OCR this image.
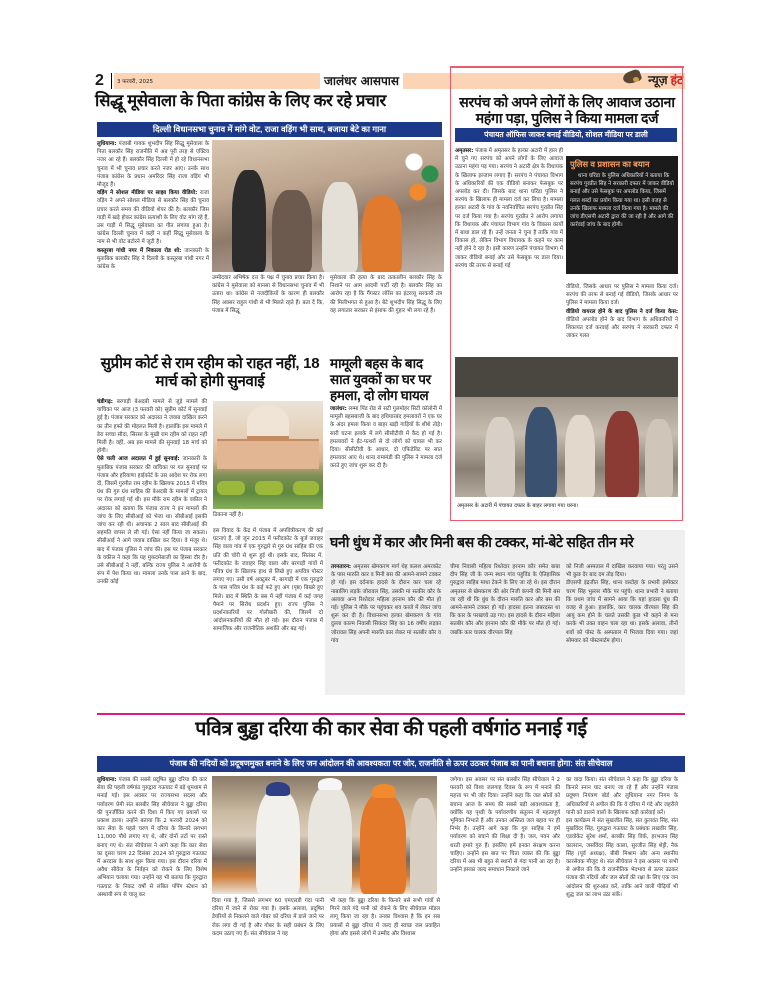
2	3 फरवरी, 2025	जालंधर आसपास	न्यूज़ हंट
सिद्धू मूसेवाला के पिता कांग्रेस के लिए कर रहे प्रचार
दिल्ली विधानसभा चुनाव में मांगे वोट, राजा वड़िंग भी साथ, बजाया बेटे का गाना
लुधियाना: पंजाबी गायक शुभदीप सिंह सिद्धू मूसेवाला के पिता बलकौर सिंह राजनीति में अब पूरी तरह से एक्टिव नजर आ रहे हैं। बलकौर सिंह दिल्ली में हो रहे विधानसभा चुनाव में भी चुनाव प्रचार करते नजर आए। उनके साथ पंजाब कांग्रेस के प्रधान अमरिंदर सिंह राजा वड़िंग भी मौजूद हैं।
वड़िंग ने सोशल मीडिया पर साझा किया वीडियो: राजा वड़िंग ने अपने सोशल मीडिया से बलकौर सिंह की चुनाव प्रचार करते समय की वीडियो शेयर की है। बलकौर जिस गाड़ी में खड़े होकर कांग्रेस प्रत्याशी के लिए वोट मांग रहे हैं, उस गाड़ी में सिद्धू मूसेवाला का गीत लगाया हुआ है। कांग्रेस दिल्ली चुनाव में कहीं न कहीं सिद्धू मूसेवाला के नाम से भी वोट बटोरने में जुटी है।
कस्तूरबा गांधी नगर में निकाला रोड शो: जानकारी के मुताबिक बलकौर सिंह ने दिल्ली के कस्तूरबा गांधी नगर में कांग्रेस के
उम्मीदवार अभिषेक दत्त के पक्ष में चुनाव प्रचार किया है। कांग्रेस ने मूसेवाला को मानसा से विधानसभा चुनाव में भी उतारा था। कांग्रेस से नजदीकियों के कारण ही बलकौर सिंह अक्सर राहुल गांधी से भी मिलते रहते हैं। बता दें कि, पंजाब में सिद्धू
मूसेवाला की हत्या के बाद तत्कालीन बलकौर सिंह के निशाने पर आम आदमी पार्टी रही है। बलकौर सिंह का आरोप रहा है कि गैंगस्टर लॉरेंस का इंटरव्यू सरकारी तंत्र की मिलीभगत से हुआ है। बेटे शुभदीप सिंह सिद्धू के लिए वह लगातार सरकार से इंसाफ की गुहार भी लगा रहे हैं।
सरपंच को अपने लोगों के लिए आवाज उठाना महंगा पड़ा, पुलिस ने किया मामला दर्ज
पंचायत ऑफिस जाकर बनाई वीडियो, सोशल मीडिया पर डाली
अमृतसर: पंजाब में अमृतसर के हल्का अटारी में हाल ही में चुने गए सरपंच को अपने लोगों के लिए आवाज उठाना महंगा पड़ गया। सरपंच ने अटारी क्षेत्र के विधायक के खिलाफ इल्जाम लगाए हैं। सरपंच ने पंचायत विभाग के अधिकारियों की एक वीडियो बनाकर फेसबुक पर अपलोड कर दी। जिसके बाद थाना घरिंडा पुलिस ने सरपंच के खिलाफ ही मामला दर्ज कर लिया है। मामला हल्का अटारी के गांव के नवनिर्वाचित सरपंच गुरप्रीत सिंह पर दर्ज किया गया है। सरपंच गुरप्रीत ने आरोप लगाया कि विधायक और पंचायत विभाग गांव के विकास कार्यों में बाधा डाल रहे हैं। उन्हें जनता ने चुना है ताकि गांव में विकास हो, लेकिन विभाग विधायक के कहने पर काम नहीं होने दे रहा है। इसी कारण उन्होंने पंचायत विभाग में जाकर वीडियो बनाई और उसे फेसबुक पर डाल दिया। सरपंच की तरफ से बनाई गई
पुलिस व प्रशासन का बयान
थाना घरिंडा के पुलिस अधिकारियों ने बताया कि सरपंच गुरप्रीत सिंह ने सरकारी दफ्तर में जाकर वीडियो बनाई और उसे फेसबुक पर अपलोड किया, जिसमें गलत शब्दों का प्रयोग किया गया था। इसी वजह से उनके खिलाफ मामला दर्ज किया गया है। मामले की जांच डीएसपी अटारी द्वारा की जा रही है और आगे की कार्रवाई जांच के बाद होगी।
वीडियो, जिसके आधार पर पुलिस ने मामला किया दर्ज। सरपंच की तरफ से बनाई गई वीडियो, जिसके आधार पर पुलिस ने मामला किया दर्ज।
वीडियो वायरल होने के बाद पुलिस ने दर्ज किया केस: वीडियो अपलोड होने के बाद विभाग के अधिकारियों ने शिकायत दर्ज करवाई और सरपंच ने सरकारी दफ्तर में जाकर गलत
अमृतसर के अटारी में पंचायत दफ्तर के बाहर लगाया गया धरना।
सुप्रीम कोर्ट से राम रहीम को राहत नहीं, 18 मार्च को होगी सुनवाई
चंडीगढ़: बरगाड़ी बेअदबी मामले से जुड़े मामले की याचिका पर आज (3 फरवरी को) सुप्रीम कोर्ट में सुनवाई हुई है। पंजाब सरकार को अदालत ने जवाब दाखिल करने का तीन हफ्ते की मोहलत मिली है। हालांकि इस मामले में डेरा सच्चा सौदा, सिरसा के मुखी राम रहीम को राहत नहीं मिली है। वहीं, अब इस मामले की सुनवाई 18 मार्च को होगी।
ऐसे चली आज अदालत में हुई सुनवाई: जानकारी के मुताबिक पंजाब सरकार की याचिका पर गत सुनवाई पर पंजाब और हरियाणा हाईकोर्ट के उस आदेश पर रोक लगा दी, जिसमें गुरमीत राम रहीम के खिलाफ 2015 में पवित्र ग्रंथ की गुरु ग्रंथ साहिब की बेअदबी के मामलों में ट्रायल पर रोक लगाई गई थी। इस मौके राम रहीम के वकील ने अदालत को बताया कि पंजाब राज्य ने इन मामलों की जांच के लिए सीबीआई को भेजा था। सीबीआई इसकी जांच कर रही थी। अचानक 2 साल बाद सीबीआई की सहमति वापस ले ली गई। ऐसा नहीं किया जा सकता। सीबीआई ने आगे जवाब दाखिल कर दिया। वे मंजूर थे। बाद में पंजाब पुलिस ने जांच की। इस पर पंजाब सरकार के वकील ने कहा कि यह मुकदमेबाजी का हिस्सा दौर है। उसे सीबीआई ने नहीं, बल्कि राज्य पुलिस ने आरोपी के रूप में पेश किया था। मामला उनके पास आने के बाद, उनकी कोई
ठिकाना नहीं है।
इस विवाद के केंद्र में पंजाब में अपवित्रीकरण की कई घटनाएं हैं, जो जून 2015 में फरीदकोट के बुर्ज जवाहर सिंह वाला गांव में एक गुरुद्वारे से गुरु ग्रंथ साहिब की एक प्रति की चोरी से शुरू हुई थी। इसके बाद, सितंबर में, फरीदकोट के जवाहर सिंह वाला और बरगाड़ी गांवों में पवित्र ग्रंथ के खिलाफ हाथ से लिखे हुए अपवित्र पोस्टर लगाए गए। उसी वर्ष अक्टूबर में, बरगाड़ी में एक गुरुद्वारे के पास पवित्र ग्रंथ के कई फटे हुए अंग (पृष्ठ) बिखरे हुए मिले। बाद में स्थिति के बस में नहीं पंजाब में कई जगह पैमाने पर सिरोध प्रदर्शन हुए। राज्य पुलिस ने प्रदर्शनकारियों पर गोलीबारी की, जिसमें दो आंदोलनकारियों की मौत हो गई। इस दौरान पंजाब में सामाजिक और राजनीतिक अशांति और बढ़ गई।
मामूली बहस के बाद सात युवकों का घर पर हमला, दो लोग घायल
जालंधर: लम्मा पिंड रोड से सटी गुलमोहर सिटी कॉलोनी में मामूली बहसबाजी के बाद हथियारबंद हमलावरों ने एक घर के अंदर हमला किया व बाहर खड़ी गाड़ियों के शीशे तोड़े। सारी घटना इलाके में लगे सीसीटीवी में कैद हो गई है। हमलावरों ने ईंट-पत्थरों से दो लोगों को घायल भी कर दिया। सीसीटीवी के आधार, दो एफिडेविट पर सात हमलावर आए थे। थाना रामामंडी की पुलिस ने मामला दर्ज करते हुए जांच शुरू कर दी है।
घनी धुंध में कार और मिनी बस की टक्कर, मां-बेटे सहित तीन मरे
तरनतारन: अमृतसर खेमकरण मार्ग थेह कलश अमरकोट के पास मारुति कार व मिनी बस की आमने-सामने टक्कर हो गई। इस दर्दनाक हादसे के दौरान कार चला रहे नाबालिग लड़के जोरावल सिंह, उसकी मां सत्कीर कौर के अलावा अन्य रिश्तेदार महिला हरनाम कौर की मौत हो गई। पुलिस ने मौके पर पहुंचकर शव कब्जे में लेकर जांच शुरू कर दी है। विधानसभा हल्का खेमकरण के गांव दुल्ला काल्म निवासी सिकंदर सिंह का 16 वर्षीय लड़का जोरावल सिंह अपनी मारुति कार लेकर मां सतबीर कौर व गांव
चीमा निवासी महिला रिश्तेदार हरनाम कौर समेत बाबा दीप सिंह जी के जन्म स्थान गांव पहुविंड के ऐतिहासिक गुरुद्वारा साहिब माथा टेकने के लिए जा रहे थे। इस दौरान अमृतसर से खेमकरण की ओर निजी कंपनी की मिनी बस जा रही थी कि धुंध के दौरान मारुति कार और बस की आमने-सामने टक्कर हो गई। हादसा इतना जबरदस्त था कि कार के परखच्चे उड़ गए। इस हादसे के दौरान महिला सतबीर कौर और हरनाम कौर की मौके पर मौत हो गई। जबकि कार चालक वीरपाल सिंह
को निजी अस्पताल में दाखिल करवाया गया। परंतु उसने भी कुछ देर बाद दम तोड़ दिया।
डीएसपी इंद्रजीत सिंह, थाना वल्टोहा के प्रभारी इंस्पेक्टर चरण सिंह भुल्लर मौके पर पहुंचे। थाना प्रभारी ने बताया कि प्रथम जांच में सामने आया कि यहां हादसा धुंध की वजह से हुआ। हालांकि, कार चालक वीरपाल सिंह की आयु कम होने के चलते उसकी कुछ भी कहने से मना करके भी उक्त वाहन चला रहा था। इसके अलावा, तीनों शवों को पोस्ट के अस्पताल में भिजवा दिया गया। जहां सोमवार को पोस्टमार्टम होगा।
पवित्र बुड्ढा दरिया की कार सेवा की पहली वर्षगांठ मनाई गई
पंजाब की नदियों को प्रदूषणमुक्त बनाने के लिए जन आंदोलन की आवश्यकता पर जोर, राजनीति से ऊपर उठकर पंजाब का पानी बचाना होगा: संत सीचेवाल
लुधियाना: पंजाब की सबसे प्रदूषित बुड्ढा दरिया की कार सेवा की पहली वर्षगांठ गुरुद्वारा गऊघाट में बड़े धूमधाम से मनाई गई। इस अवसर पर राज्यसभा सदस्य और पर्यावरण प्रेमी संत बलबीर सिंह सीचेवाल ने बुड्ढा दरिया की पुनर्जीवित करने की दिशा में किए गए प्रयासों पर प्रकाश डाला। उन्होंने बताया कि 2 फरवरी 2024 को कार सेवा के पहले चरण में दरिया के किनारे लगभग 11,000 पौधे लगाए गए थे, और दोनों तटों पर रास्ते बनाए गए थे। संत सीचेवाल ने आगे कहा कि कार सेवा का दूसरा चरण 22 दिसंबर 2024 को गुरुद्वारा गऊघाट में अरदास के साथ शुरू किया गया। इस दौरान दरिया में अवैध सीवेज के निर्वहन को रोकने के लिए विशेष अभियान चलाया गया। उन्होंने यह भी बताया कि गुरुद्वारा गऊघाट के निकट वर्षों से लंबित पंपिंग स्टेशन को अस्थायी रूप से चालू कर
दिया गया है, जिससे लगभग 60 एमएलडी गंदा पानी दरिया में जाने से रोका गया है। इसके अलावा, प्रदूषित डेयरियों से निकलने वाले गोबर को दरिया में डाले जाने पर रोक लगा दी गई है और गोबर के सही प्रबंधन के लिए कदम उठाए गए हैं। संत सीचेवाल ने यह
भी कहा कि बुड्ढा दरिया के किनारे बसे सभी गांवों से गिरने वाले गंदे पानी को रोकने के लिए सीचेवाल मॉडल लागू किया जा रहा है। उनका विश्वास है कि इन सब प्रयासों से बुड्ढा दरिया में जल्द ही स्वच्छ जल प्रवाहित होगा और इससे लोगों में उम्मीद और विश्वास
जगेगा। इस अवसर पर संत बलबीर सिंह सीचेवाल ने 2 फरवरी को विश्व जलगाह दिवस के रूप में मनाने की महत्ता पर भी जोर दिया। उन्होंने कहा कि जल स्रोतों को बचाना आज के समय की सबसे बड़ी आवश्यकता है, क्योंकि यह पृथ्वी के पर्यावरणीय संतुलन में महत्वपूर्ण भूमिका निभाते हैं और उनका अस्तित्व जल बहाव पर ही निर्भर है। उन्होंने आगे कहा कि गुरु साहिब ने हमें पर्यावरण को बचाने की शिक्षा दी है। जल, पवन और धरती हमारे गुरु हैं। इसलिए हमें इनका संरक्षण करना चाहिए। उन्होंने इस बात पर चिंता व्यक्त की कि बुड्ढा दरिया में अब भी बहुत से स्थानों से गंदा पानी आ रहा है। उन्होंने इसका जल्द समाधान निकाले जाने
का वादा किया। संत सीचेवाल ने कहा कि बुड्ढा दरिया के किनारे स्नान घाट बनाए जा रहे हैं और उन्होंने पंजाब प्रदूषण नियंत्रण बोर्ड और लुधियाना नगर निगम के अधिकारियों से अपील की कि वे दरिया में गंदे और जहरीले पानी को डालने वालों के खिलाफ कड़ी कार्रवाई करें।
इस कार्यक्रम में संत सुखजीत सिंह, संत कुलवंत सिंह, संत मुखविंदर सिंह, गुरुद्वारा गऊघाट के प्रबंधक लखवीर सिंह, एडवोकेट सुरेश शर्मा, बलबीर सिंह विर्क, हरभजन सिंह कालरान, जसविंदर सिंह काला, सुरजीत सिंह शेट्टी, नैक सिंह (पूर्व अध्यक्ष), बीबी मिश्राम और अन्य स्थानीय कारसेवक मौजूद थे। संत सीचेवाल ने इस अवसर पर सभी से अपील की कि वे राजनीतिक भेदभाव से ऊपर उठकर पंजाब की नदियों और जल स्रोतों की रक्षा के लिए एक जन आंदोलन की शुरुआत करें, ताकि आने वाली पीढ़ियाँ भी शुद्ध जल का लाभ उठा सकें।
